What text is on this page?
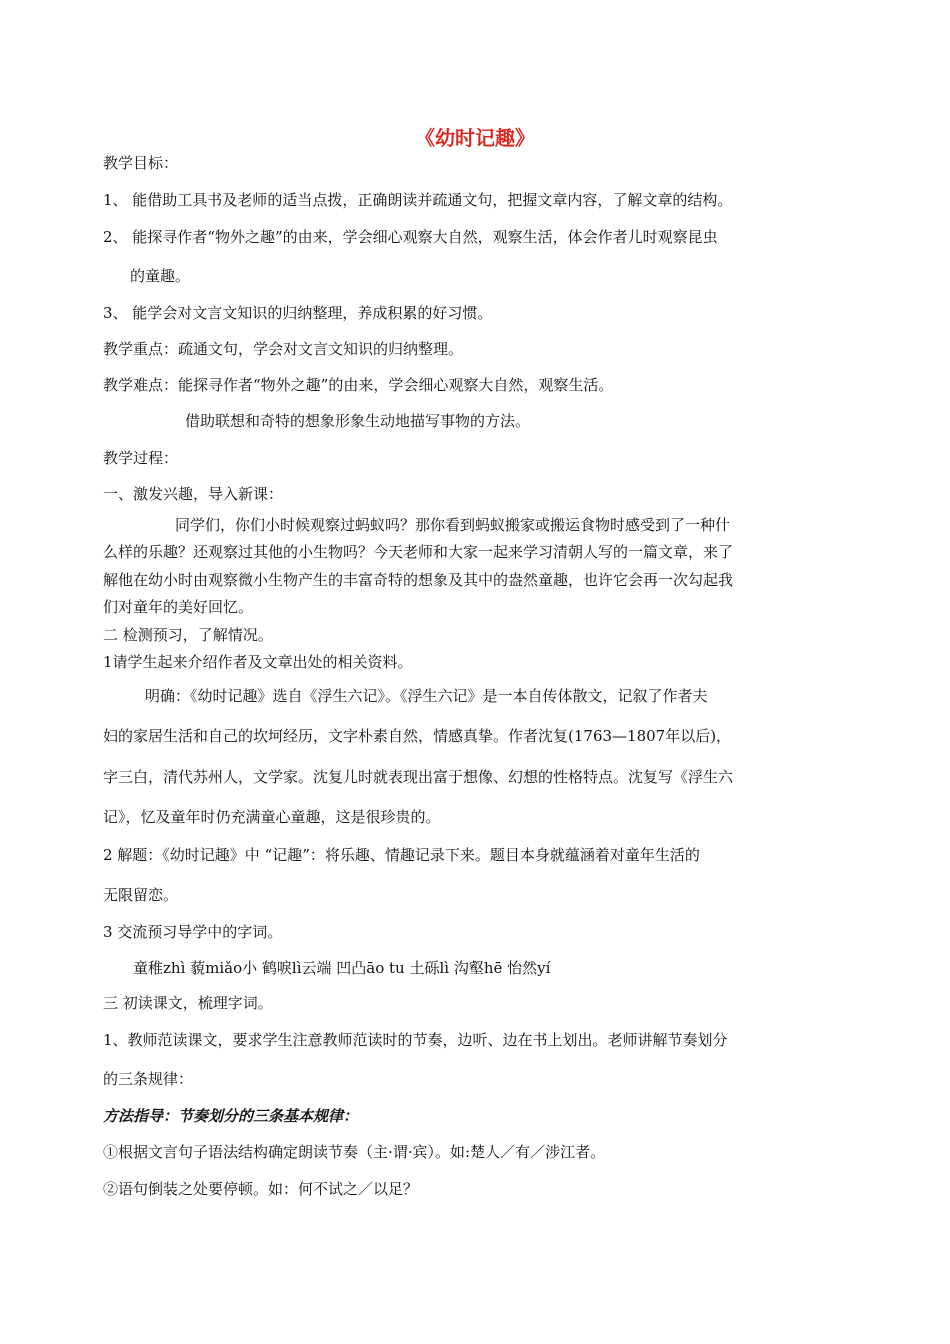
《幼时记趣》
教学目标：
1、 能借助工具书及老师的适当点拨，正确朗读并疏通文句，把握文章内容，了解文章的结构。
2、 能探寻作者“物外之趣”的由来，学会细心观察大自然，观察生活，体会作者儿时观察昆虫
的童趣。
3、 能学会对文言文知识的归纳整理，养成积累的好习惯。
教学重点：疏通文句，学会对文言文知识的归纳整理。
教学难点：能探寻作者“物外之趣”的由来，学会细心观察大自然，观察生活。
借助联想和奇特的想象形象生动地描写事物的方法。
教学过程：
一、激发兴趣，导入新课：
同学们，你们小时候观察过蚂蚁吗？那你看到蚂蚁搬家或搬运食物时感受到了一种什
么样的乐趣？还观察过其他的小生物吗？今天老师和大家一起来学习清朝人写的一篇文章，来了
解他在幼小时由观察微小生物产生的丰富奇特的想象及其中的盎然童趣，也许它会再一次勾起我
们对童年的美好回忆。
二 检测预习，了解情况。
1请学生起来介绍作者及文章出处的相关资料。
明确：《幼时记趣》选自《浮生六记》。《浮生六记》是一本自传体散文，记叙了作者夫
妇的家居生活和自己的坎坷经历，文字朴素自然，情感真挚。作者沈复(1763—1807年以后)，
字三白，清代苏州人，文学家。沈复儿时就表现出富于想像、幻想的性格特点。沈复写《浮生六
记》，忆及童年时仍充满童心童趣，这是很珍贵的。
2 解题：《幼时记趣》中 “记趣”：将乐趣、情趣记录下来。题目本身就蕴涵着对童年生活的
无限留恋。
3 交流预习导学中的字词。
童稚zhì 藐miǎo小 鹤唳lì云端 凹凸āo tu 土砾lì 沟壑hē 怡然yí
三 初读课文，梳理字词。
1、教师范读课文，要求学生注意教师范读时的节奏，边听、边在书上划出。老师讲解节奏划分
的三条规律：
方法指导：节奏划分的三条基本规律：
①根据文言句子语法结构确定朗读节奏（主·谓·宾）。如:楚人／有／涉江者。
②语句倒装之处要停顿。如：何不试之／以足？
